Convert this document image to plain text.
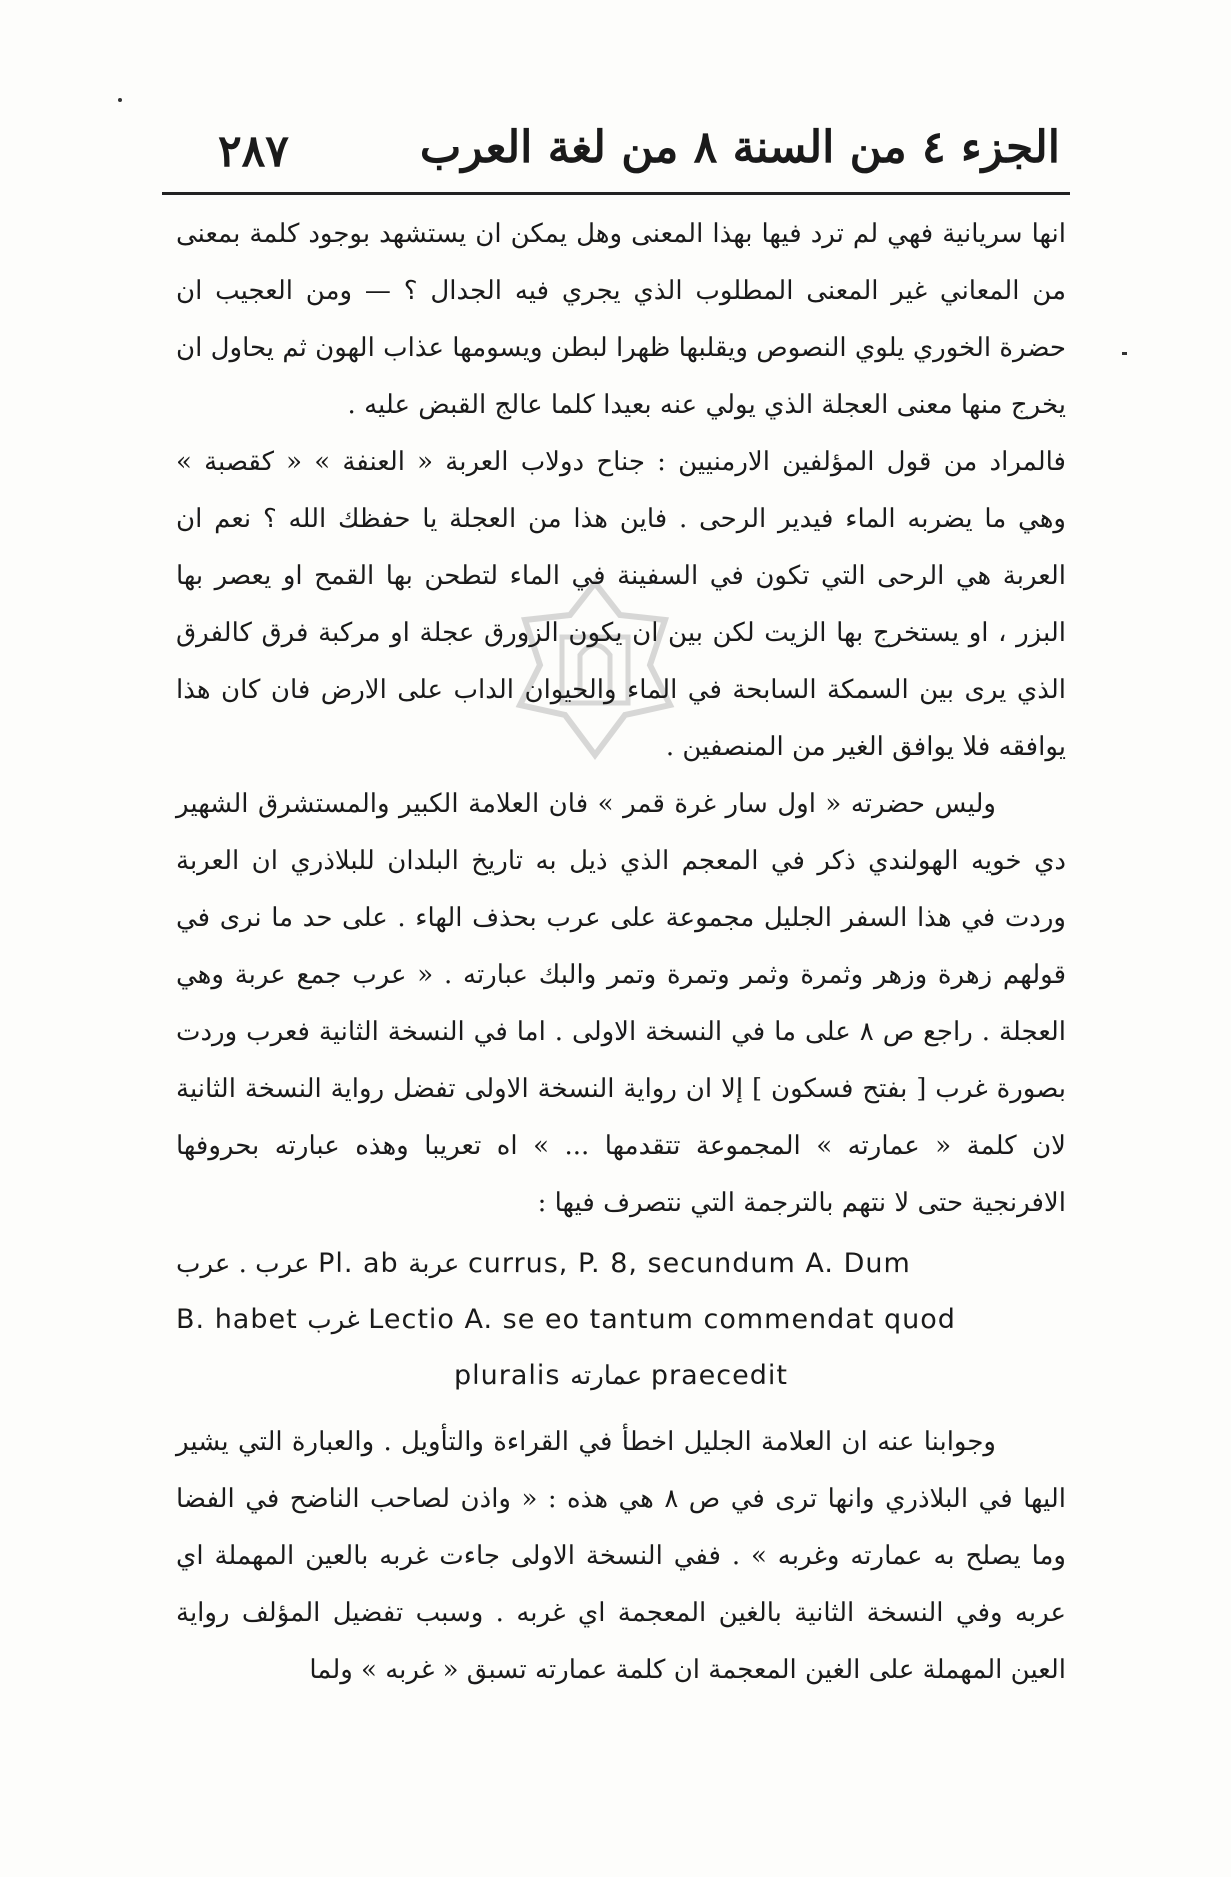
الجزء ٤ من السنة ٨ من لغة العرب
٢٨٧

انها سريانية فهي لم ترد فيها بهذا المعنى وهل يمكن ان يستشهد بوجود كلمة بمعنى من المعاني غير المعنى المطلوب الذي يجري فيه الجدال ؟ — ومن العجيب ان حضرة الخوري يلوي النصوص ويقلبها ظهرا لبطن ويسومها عذاب الهون ثم يحاول ان يخرج منها معنى العجلة الذي يولي عنه بعيدا كلما عالج القبض عليه .

فالمراد من قول المؤلفين الارمنيين : جناح دولاب العربة « العنفة » « كقصبة » وهي ما يضربه الماء فيدير الرحى . فاين هذا من العجلة يا حفظك الله ؟ نعم ان العربة هي الرحى التي تكون في السفينة في الماء لتطحن بها القمح او يعصر بها البزر ، او يستخرج بها الزيت لكن بين ان يكون الزورق عجلة او مركبة فرق كالفرق الذي يرى بين السمكة السابحة في الماء والحيوان الداب على الارض فان كان هذا يوافقه فلا يوافق الغير من المنصفين .

وليس حضرته « اول سار غرة قمر » فان العلامة الكبير والمستشرق الشهير دي خويه الهولندي ذكر في المعجم الذي ذيل به تاريخ البلدان للبلاذري ان العربة وردت في هذا السفر الجليل مجموعة على عرب بحذف الهاء . على حد ما نرى في قولهم زهرة وزهر وثمرة وثمر وتمرة وتمر والبك عبارته . « عرب جمع عربة وهي العجلة . راجع ص ٨ على ما في النسخة الاولى . اما في النسخة الثانية فعرب وردت بصورة غرب [ بفتح فسكون ] إلا ان رواية النسخة الاولى تفضل رواية النسخة الثانية لان كلمة « عمارته » المجموعة تتقدمها ... » اه تعريبا وهذه عبارته بحروفها الافرنجية حتى لا نتهم بالترجمة التي نتصرف فيها :

عرب . عرب Pl. ab عربة currus, P. 8, secundum A. Dum
B. habet غرب Lectio A. se eo tantum commendat quod
pluralis عمارته praecedit

وجوابنا عنه ان العلامة الجليل اخطأ في القراءة والتأويل . والعبارة التي يشير اليها في البلاذري وانها ترى في ص ٨ هي هذه : « واذن لصاحب الناضح في الفضا وما يصلح به عمارته وغربه » . ففي النسخة الاولى جاءت غربه بالعين المهملة اي عربه وفي النسخة الثانية بالغين المعجمة اي غربه . وسبب تفضيل المؤلف رواية العين المهملة على الغين المعجمة ان كلمة عمارته تسبق « غربه » ولما
